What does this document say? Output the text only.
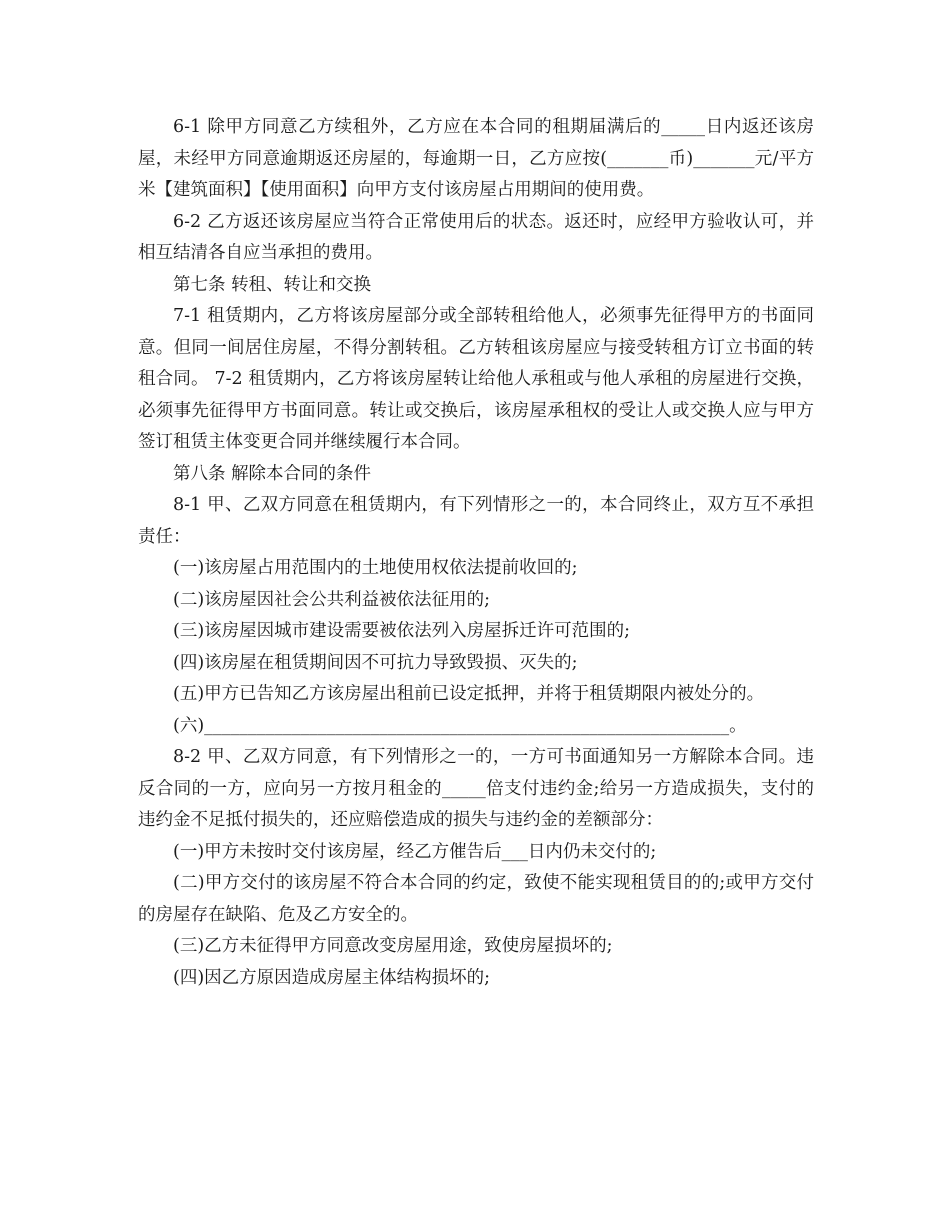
6-1 除甲方同意乙方续租外，乙方应在本合同的租期届满后的_____日内返还该房屋，未经甲方同意逾期返还房屋的，每逾期一日，乙方应按(_______币)_______元/平方米【建筑面积】【使用面积】向甲方支付该房屋占用期间的使用费。

6-2 乙方返还该房屋应当符合正常使用后的状态。返还时，应经甲方验收认可，并相互结清各自应当承担的费用。

第七条 转租、转让和交换

7-1 租赁期内，乙方将该房屋部分或全部转租给他人，必须事先征得甲方的书面同意。但同一间居住房屋，不得分割转租。乙方转租该房屋应与接受转租方订立书面的转租合同。 7-2 租赁期内，乙方将该房屋转让给他人承租或与他人承租的房屋进行交换，必须事先征得甲方书面同意。转让或交换后，该房屋承租权的受让人或交换人应与甲方签订租赁主体变更合同并继续履行本合同。

第八条 解除本合同的条件

8-1 甲、乙双方同意在租赁期内，有下列情形之一的，本合同终止，双方互不承担责任：

(一)该房屋占用范围内的土地使用权依法提前收回的;

(二)该房屋因社会公共利益被依法征用的;

(三)该房屋因城市建设需要被依法列入房屋拆迁许可范围的;

(四)该房屋在租赁期间因不可抗力导致毁损、灭失的;

(五)甲方已告知乙方该房屋出租前已设定抵押，并将于租赁期限内被处分的。

(六)____________________________________________________________。

8-2 甲、乙双方同意，有下列情形之一的，一方可书面通知另一方解除本合同。违反合同的一方，应向另一方按月租金的_____倍支付违约金;给另一方造成损失，支付的违约金不足抵付损失的，还应赔偿造成的损失与违约金的差额部分：

(一)甲方未按时交付该房屋，经乙方催告后___日内仍未交付的;

(二)甲方交付的该房屋不符合本合同的约定，致使不能实现租赁目的的;或甲方交付的房屋存在缺陷、危及乙方安全的。

(三)乙方未征得甲方同意改变房屋用途，致使房屋损坏的;

(四)因乙方原因造成房屋主体结构损坏的;
